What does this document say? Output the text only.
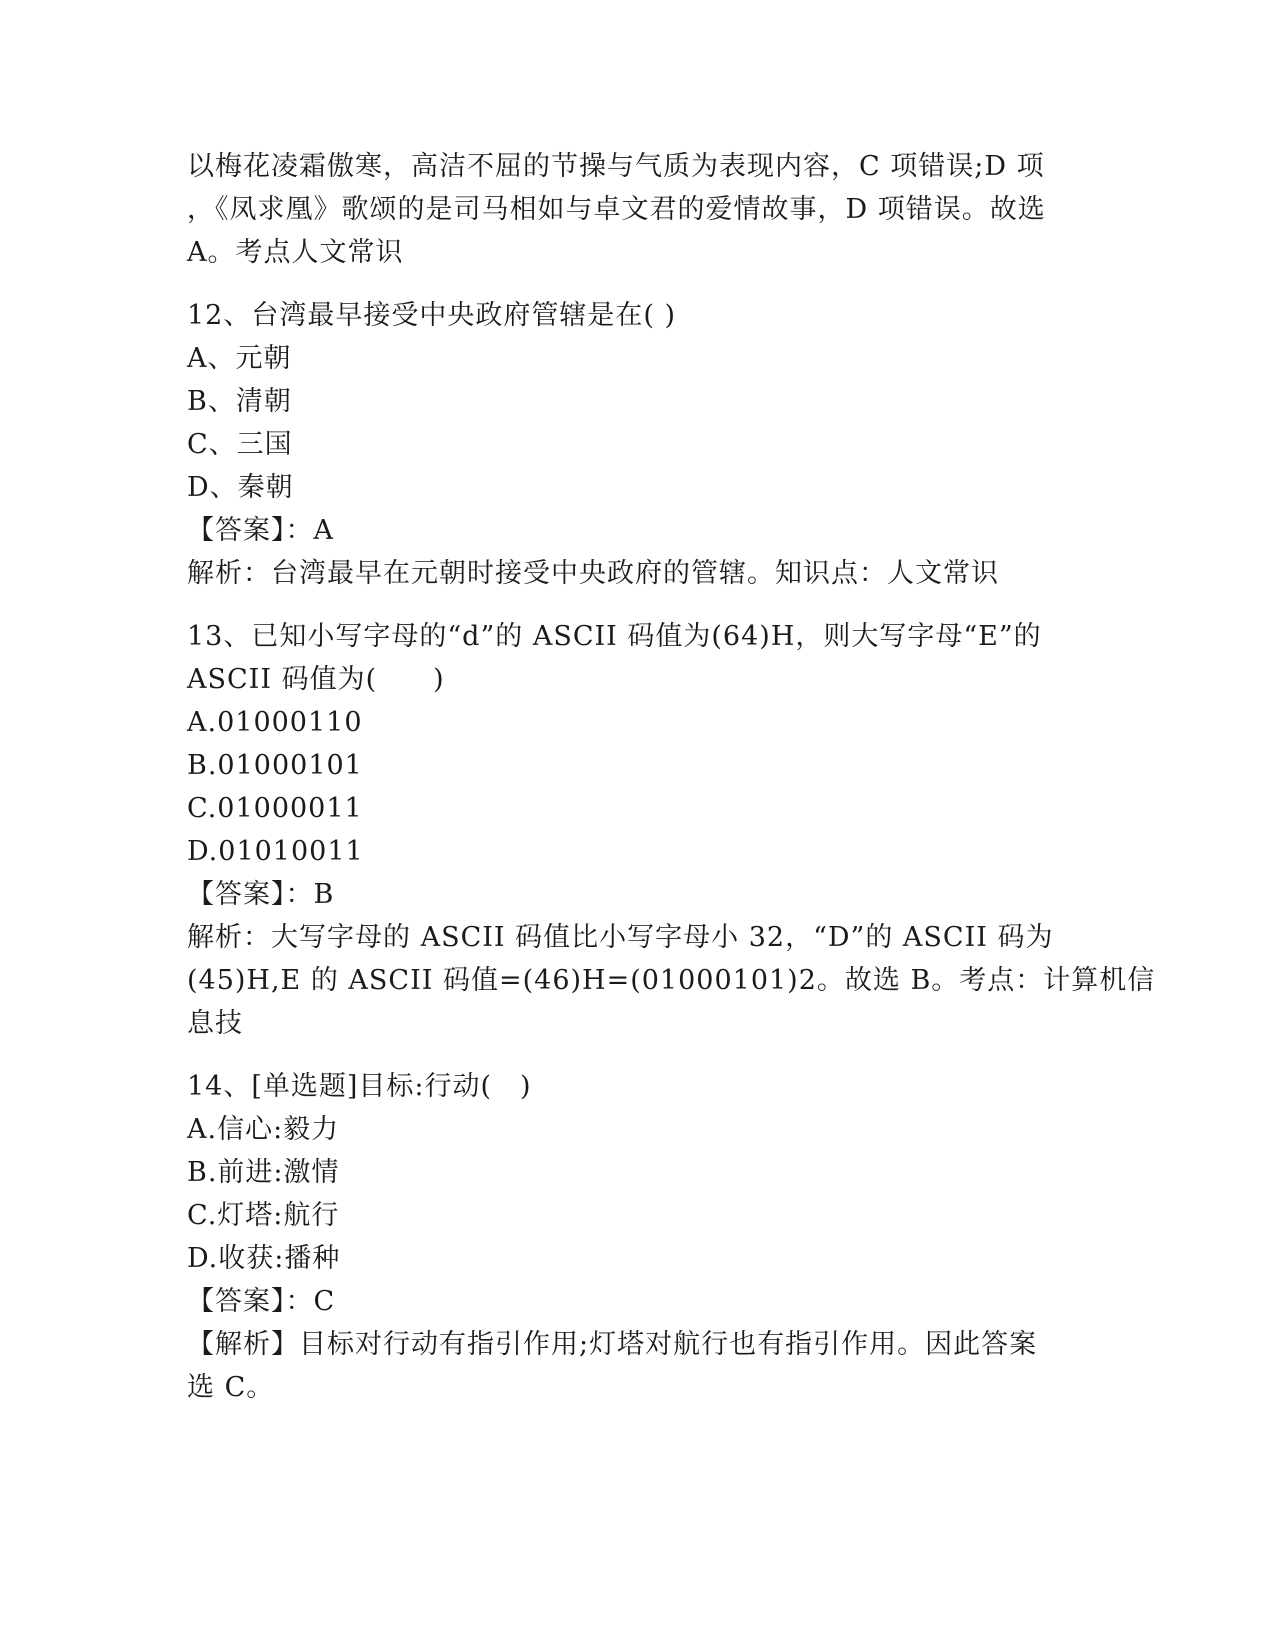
以梅花凌霜傲寒，高洁不屈的节操与气质为表现内容，C 项错误;D 项
，《凤求凰》歌颂的是司马相如与卓文君的爱情故事，D 项错误。故选
A。考点人文常识
12、台湾最早接受中央政府管辖是在( )
A、元朝
B、清朝
C、三国
D、秦朝
【答案】：A
解析：台湾最早在元朝时接受中央政府的管辖。知识点：人文常识
13、已知小写字母的“d”的 ASCII 码值为(64)H，则大写字母“E”的
ASCII 码值为(　　)
A.01000110
B.01000101
C.01000011
D.01010011
【答案】：B
解析：大写字母的 ASCII 码值比小写字母小 32，“D”的 ASCII 码为
(45)H,E 的 ASCII 码值=(46)H=(01000101)2。故选 B。考点：计算机信
息技
14、[单选题]目标:行动(　)
A.信心:毅力
B.前进:激情
C.灯塔:航行
D.收获:播种
【答案】：C
【解析】目标对行动有指引作用;灯塔对航行也有指引作用。因此答案
选 C。
